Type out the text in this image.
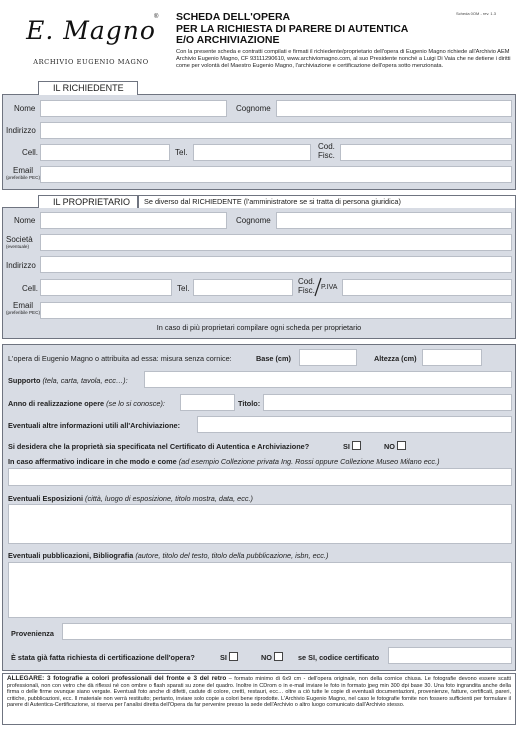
E. Magno
®
ARCHIVIO EUGENIO MAGNO
SCHEDA DELL'OPERA
PER LA RICHIESTA DI PARERE DI AUTENTICA
E/O ARCHIVIAZIONE
Scheda 0OM - rev. 1.3
Con la presente scheda e contratti compilati e firmati il richiedente/proprietario dell'opera di Eugenio Magno richiede all'Archivio AEM Archivio Eugenio Magno, CF 93111290610, www.archiviomagno.com, al suo Presidente nonché a Luigi Di Vaia che ne detiene i diritti come per volontà del Maestro Eugenio Magno, l'archiviazione e certificazione dell'opera sotto menzionata.
IL RICHIEDENTE
Nome	Cognome
Indirizzo
Cell.	Tel.
Cod.
Fisc.
Email
(preferibile PEC)
IL PROPRIETARIO	Se diverso dal RICHIEDENTE (l'amministratore se si tratta di persona giuridica)
Nome	Cognome
Società
(eventuale)
Indirizzo
Cell.	Tel.
Cod.
Fisc. P.IVA
Email
(preferibile PEC)
In caso di più proprietari compilare ogni scheda per proprietario
L'opera di Eugenio Magno o attribuita ad essa: misura senza cornice:	Base (cm)	Altezza (cm)
Supporto (tela, carta, tavola, ecc…):
Anno di realizzazione opere (se lo si conosce):	Titolo:
Eventuali altre informazioni utili all'Archiviazione:
Si desidera che la proprietà sia specificata nel Certificato di Autentica e Archiviazione?	SI	NO
In caso affermativo indicare in che modo e come (ad esempio Collezione privata Ing. Rossi oppure Collezione Museo Milano ecc.)
Eventuali Esposizioni (città, luogo di esposizione, titolo mostra, data, ecc.)
Eventuali pubblicazioni, Bibliografia (autore, titolo del testo, titolo della pubblicazione, isbn, ecc.)
Provenienza
È stata già fatta richiesta di certificazione dell'opera?	SI	NO	se SI, codice certificato
ALLEGARE: 3 fotografie a colori professionali del fronte e 3 del retro – formato minimo di 6x9 cm - dell'opera originale, non della cornice chiusa. Le fotografie devono essere scatti professionali, non con vetro che dà riflessi né con ombre o flash sparati su zone del quadro. Inoltre in CDrom o in e-mail inviare le foto in formato jpeg min 300 dpi base 30. Una foto ingrandita anche della firma o delle firme ovunque siano vergate. Eventuali foto anche di difetti, cadute di colore, crettì, restauri, ecc… oltre a ciò tutte le copie di eventuali documentazioni, provenienze, fatture, certificati, pareri, critiche, pubblicazioni, ecc. Il materiale non verrà restituito; pertanto, inviare solo copie a colori bene riprodotte. L'Archivio Eugenio Magno, nel caso le fotografie fornite non fossero sufficienti per formulare il parere di Autentica-Certificazione, si riserva per l'analisi diretta dell'Opera da far pervenire presso la sede dell'Archivio o altro luogo comunicato dall'Archivio stesso.
